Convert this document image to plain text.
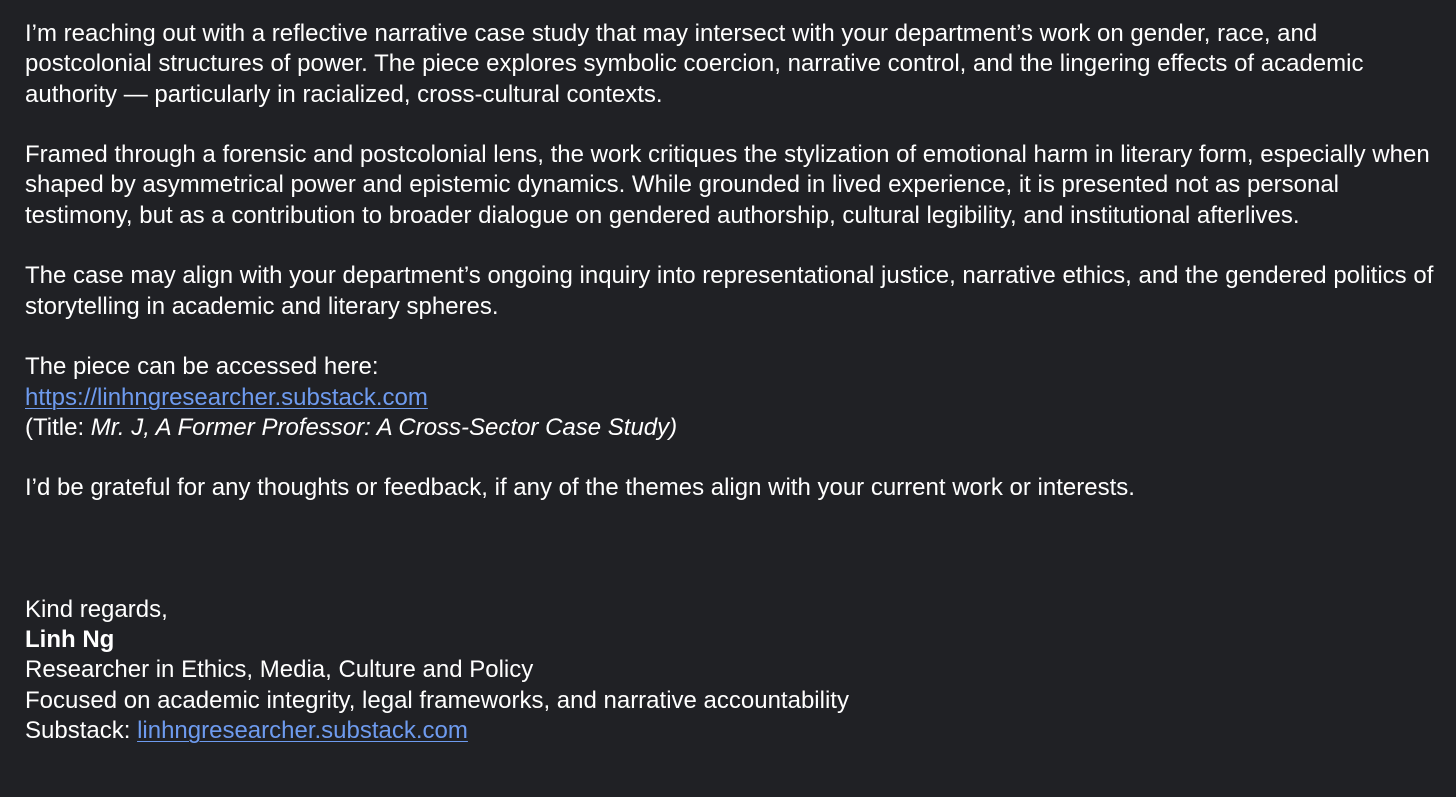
I’m reaching out with a reflective narrative case study that may intersect with your department’s work on gender, race, and postcolonial structures of power. The piece explores symbolic coercion, narrative control, and the lingering effects of academic authority — particularly in racialized, cross-cultural contexts.

Framed through a forensic and postcolonial lens, the work critiques the stylization of emotional harm in literary form, especially when shaped by asymmetrical power and epistemic dynamics. While grounded in lived experience, it is presented not as personal testimony, but as a contribution to broader dialogue on gendered authorship, cultural legibility, and institutional afterlives.

The case may align with your department’s ongoing inquiry into representational justice, narrative ethics, and the gendered politics of storytelling in academic and literary spheres.

The piece can be accessed here:

https://linhngresearcher.substack.com

(Title: Mr. J, A Former Professor: A Cross-Sector Case Study)

I’d be grateful for any thoughts or feedback, if any of the themes align with your current work or interests.

Kind regards,

Linh Ng

Researcher in Ethics, Media, Culture and Policy

Focused on academic integrity, legal frameworks, and narrative accountability

Substack: linhngresearcher.substack.com
